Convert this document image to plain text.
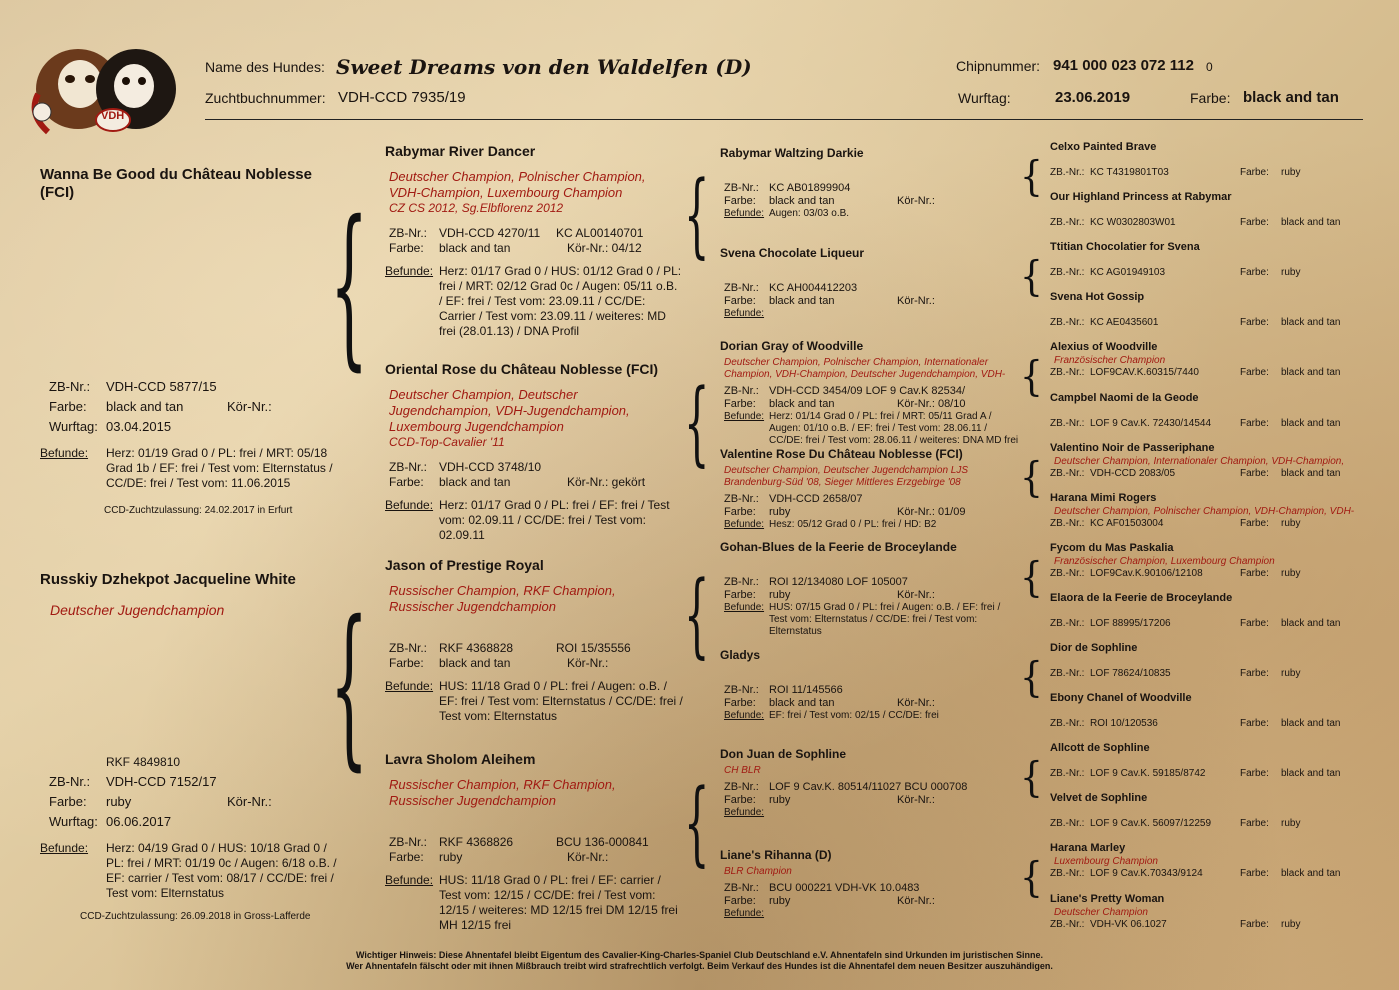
VDH
Name des Hundes: Sweet Dreams von den Waldelfen (D)	Chipnummer: 941 000 023 072 112 0
Zuchtbuchnummer: VDH-CCD 7935/19	Wurftag:	23.06.2019	Farbe: black and tan
Wanna Be Good du Château Noblesse (FCI)
ZB-Nr.:	VDH-CCD 5877/15
Farbe:	black and tan	Kör-Nr.:
Wurftag: 03.04.2015
Befunde:	Herz: 01/19 Grad 0 / PL: frei / MRT: 05/18 Grad 1b / EF: frei / Test vom: Elternstatus / CC/DE: frei / Test vom: 11.06.2015
CCD-Zuchtzulassung: 24.02.2017 in Erfurt
Russkiy Dzhekpot Jacqueline White
Deutscher Jugendchampion
RKF 4849810
ZB-Nr.:	VDH-CCD 7152/17
Farbe:	ruby	Kör-Nr.:
Wurftag: 06.06.2017
Befunde:	Herz: 04/19 Grad 0 / HUS: 10/18 Grad 0 / PL: frei / MRT: 01/19 0c / Augen: 6/18 o.B. / EF: carrier / Test vom: 08/17 / CC/DE: frei / Test vom: Elternstatus
CCD-Zuchtzulassung: 26.09.2018 in Gross-Lafferde
{
{
Rabymar River Dancer
Deutscher Champion, Polnischer Champion, VDH-Champion, Luxembourg Champion
CZ CS 2012, Sg.Elbflorenz 2012
ZB-Nr.:	VDH-CCD 4270/11	KC AL00140701
Farbe:	black and tan	Kör-Nr.: 04/12
Befunde: Herz: 01/17 Grad 0 / HUS: 01/12 Grad 0 / PL: frei / MRT: 02/12 Grad 0c / Augen: 05/11 o.B. / EF: frei / Test vom: 23.09.11 / CC/DE: Carrier / Test vom: 23.09.11 / weiteres: MD frei (28.01.13) / DNA Profil
Oriental Rose du Château Noblesse (FCI)
Deutscher Champion, Deutscher Jugendchampion, VDH-Jugendchampion, Luxembourg Jugendchampion
CCD-Top-Cavalier '11
ZB-Nr.:	VDH-CCD 3748/10
Farbe:	black and tan	Kör-Nr.: gekört
Befunde: Herz: 01/17 Grad 0 / PL: frei / EF: frei / Test vom: 02.09.11 / CC/DE: frei / Test vom: 02.09.11
Jason of Prestige Royal
Russischer Champion, RKF Champion, Russischer Jugendchampion
ZB-Nr.:	RKF 4368828	ROI 15/35556
Farbe:	black and tan	Kör-Nr.:
Befunde: HUS: 11/18 Grad 0 / PL: frei / Augen: o.B. / EF: frei / Test vom: Elternstatus / CC/DE: frei / Test vom: Elternstatus
Lavra Sholom Aleihem
Russischer Champion, RKF Champion, Russischer Jugendchampion
ZB-Nr.:	RKF 4368826	BCU 136-000841
Farbe:	ruby	Kör-Nr.:
Befunde: HUS: 11/18 Grad 0 / PL: frei / EF: carrier / Test vom: 12/15 / CC/DE: frei / Test vom: 12/15 / weiteres: MD 12/15 frei DM 12/15 frei MH 12/15 frei
{
{
{
{
Rabymar Waltzing Darkie
ZB-Nr.: KC AB01899904
Farbe:	black and tan	Kör-Nr.:
Befunde: Augen: 03/03 o.B.
Svena Chocolate Liqueur
ZB-Nr.: KC AH004412203
Farbe:	black and tan	Kör-Nr.:
Befunde:
Dorian Gray of Woodville
Deutscher Champion, Polnischer Champion, Internationaler Champion, VDH-Champion, Deutscher Jugendchampion, VDH-
ZB-Nr.: VDH-CCD 3454/09 LOF 9 Cav.K 82534/
Farbe:	black and tan	Kör-Nr.: 08/10
Befunde: Herz: 01/14 Grad 0 / PL: frei / MRT: 05/11 Grad A / Augen: 01/10 o.B. / EF: frei / Test vom: 28.06.11 / CC/DE: frei / Test vom: 28.06.11 / weiteres: DNA MD frei
Valentine Rose Du Château Noblesse (FCI)
Deutscher Champion, Deutscher Jugendchampion LJS Brandenburg-Süd '08, Sieger Mittleres Erzgebirge '08
ZB-Nr.: VDH-CCD 2658/07
Farbe:	ruby	Kör-Nr.: 01/09
Befunde: Hesz: 05/12 Grad 0 / PL: frei / HD: B2
Gohan-Blues de la Feerie de Broceylande
ZB-Nr.: ROI 12/134080 LOF 105007
Farbe:	ruby	Kör-Nr.:
Befunde: HUS: 07/15 Grad 0 / PL: frei / Augen: o.B. / EF: frei / Test vom: Elternstatus / CC/DE: frei / Test vom: Elternstatus
Gladys
ZB-Nr.: ROI 11/145566
Farbe:	black and tan	Kör-Nr.:
Befunde: EF: frei / Test vom: 02/15 / CC/DE: frei
Don Juan de Sophline
CH BLR
ZB-Nr.: LOF 9 Cav.K. 80514/11027 BCU 000708
Farbe:	ruby	Kör-Nr.:
Befunde:
Liane's Rihanna (D)
BLR Champion
ZB-Nr.: BCU 000221 VDH-VK 10.0483
Farbe:	ruby	Kör-Nr.:
Befunde:
Celxo Painted Brave
ZB.-Nr.: KC T4319801T03	Farbe:	ruby
{ Our Highland Princess at Rabymar
ZB.-Nr.: KC W0302803W01	Farbe:	black and tan
Ttitian Chocolatier for Svena
ZB.-Nr.: KC AG01949103	Farbe:	ruby
{ Svena Hot Gossip
ZB.-Nr.: KC AE0435601	Farbe:	black and tan
Alexius of Woodville
Französischer Champion
ZB.-Nr.: LOF9CAV.K.60315/7440	Farbe:	black and tan
{ Campbel Naomi de la Geode
ZB.-Nr.: LOF 9 Cav.K. 72430/14544	Farbe:	black and tan
Valentino Noir de Passeriphane
Deutscher Champion, Internationaler Champion, VDH-Champion,
ZB.-Nr.: VDH-CCD 2083/05	Farbe:	black and tan
{ Harana Mimi Rogers
Deutscher Champion, Polnischer Champion, VDH-Champion, VDH-
ZB.-Nr.: KC AF01503004	Farbe:	ruby
Fycom du Mas Paskalia
Französischer Champion, Luxembourg Champion
ZB.-Nr.: LOF9Cav.K.90106/12108	Farbe:	ruby
{ Elaora de la Feerie de Broceylande
ZB.-Nr.: LOF 88995/17206	Farbe:	black and tan
Dior de Sophline
ZB.-Nr.: LOF 78624/10835	Farbe:	ruby
{ Ebony Chanel of Woodville
ZB.-Nr.: ROI 10/120536	Farbe:	black and tan
Allcott de Sophline
ZB.-Nr.: LOF 9 Cav.K. 59185/8742	Farbe:	black and tan
{ Velvet de Sophline
ZB.-Nr.: LOF 9 Cav.K. 56097/12259	Farbe:	ruby
Harana Marley
Luxembourg Champion
ZB.-Nr.: LOF 9 Cav.K.70343/9124	Farbe:	black and tan
{ Liane's Pretty Woman
Deutscher Champion
ZB.-Nr.: VDH-VK 06.1027	Farbe:	ruby
Wichtiger Hinweis: Diese Ahnentafel bleibt Eigentum des Cavalier-King-Charles-Spaniel Club Deutschland e.V. Ahnentafeln sind Urkunden im juristischen Sinne.
Wer Ahnentafeln fälscht oder mit ihnen Mißbrauch treibt wird strafrechtlich verfolgt. Beim Verkauf des Hundes ist die Ahnentafel dem neuen Besitzer auszuhändigen.
